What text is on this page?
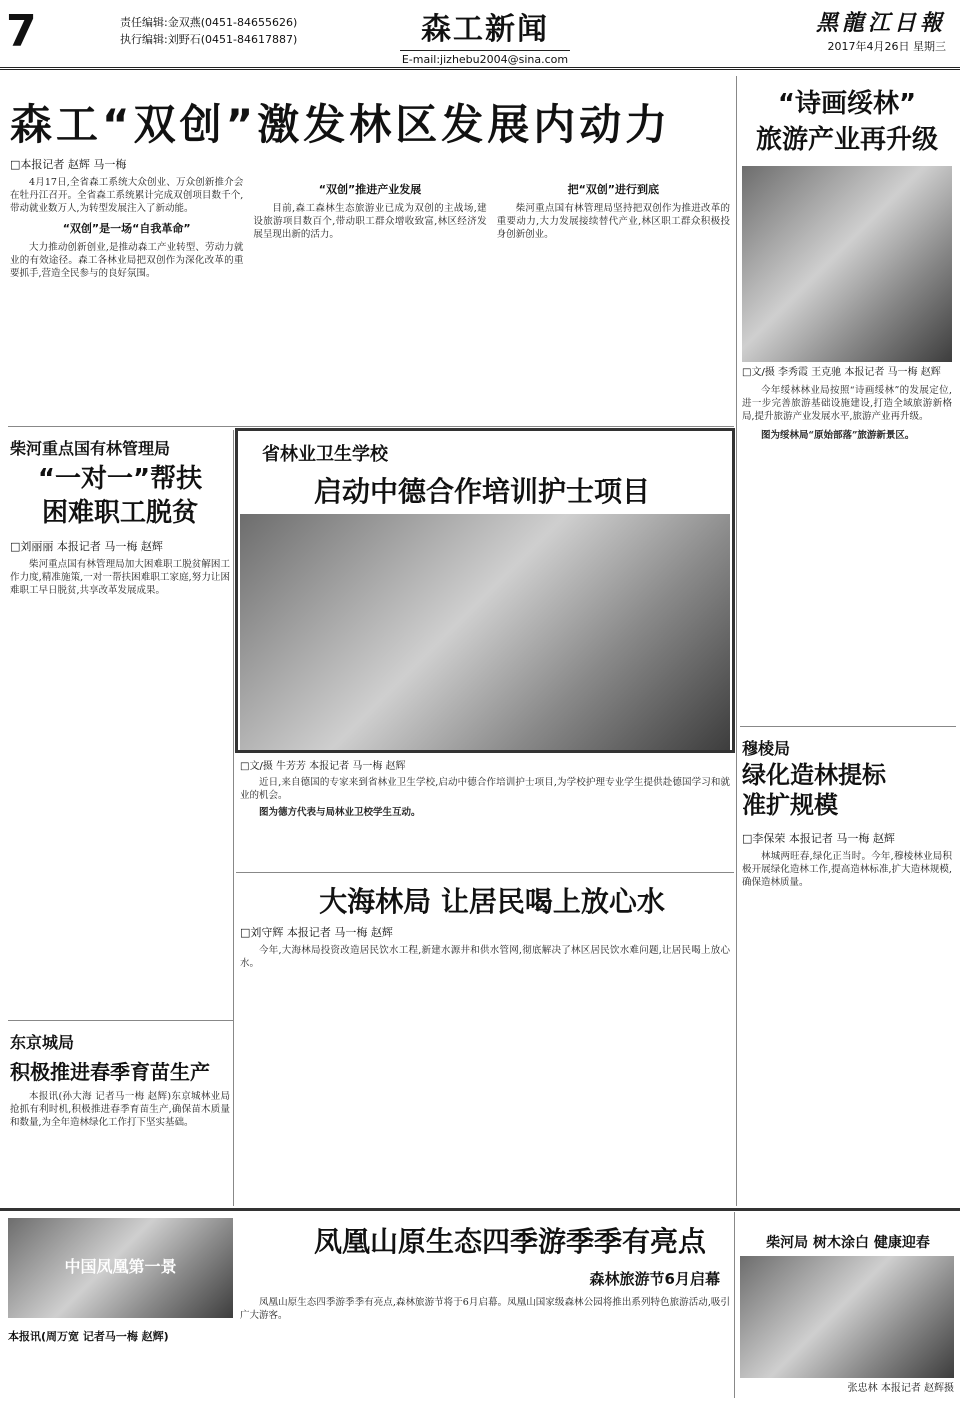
7	责任编辑:金双燕(0451-84655626)
执行编辑:刘野石(0451-84617887)	森工新闻
E-mail:jizhebu2004@sina.com
黑龍江日報
2017年4月26日 星期三
森工“双创”激发林区发展内动力
□本报记者 赵辉 马一梅

4月17日,全省森工系统大众创业、万众创新推介会在牡丹江召开。全省森工系统累计完成双创项目数千个,带动就业数万人,为转型发展注入了新动能。

“双创”是一场“自我革命”

大力推动创新创业,是推动森工产业转型、劳动力就业的有效途径。森工各林业局把双创作为深化改革的重要抓手,营造全民参与的良好氛围。

“双创”推进产业发展

目前,森工森林生态旅游业已成为双创的主战场,建设旅游项目数百个,带动职工群众增收致富,林区经济发展呈现出新的活力。

把“双创”进行到底

柴河重点国有林管理局坚持把双创作为推进改革的重要动力,大力发展接续替代产业,林区职工群众积极投身创新创业。

“诗画绥林”
旅游产业再升级
□文/摄 李秀霞 王克驰 本报记者 马一梅 赵辉

今年绥林林业局按照“诗画绥林”的发展定位,进一步完善旅游基础设施建设,打造全域旅游新格局,提升旅游产业发展水平,旅游产业再升级。

图为绥林局“原始部落”旅游新景区。

柴河重点国有林管理局
“一对一”帮扶
困难职工脱贫
□刘丽丽 本报记者 马一梅 赵辉

柴河重点国有林管理局加大困难职工脱贫解困工作力度,精准施策,一对一帮扶困难职工家庭,努力让困难职工早日脱贫,共享改革发展成果。

东京城局
积极推进春季育苗生产

本报讯(孙大海 记者马一梅 赵辉)东京城林业局抢抓有利时机,积极推进春季育苗生产,确保苗木质量和数量,为全年造林绿化工作打下坚实基础。

省林业卫生学校
启动中德合作培训护士项目
□文/摄 牛芳芳 本报记者 马一梅 赵辉

近日,来自德国的专家来到省林业卫生学校,启动中德合作培训护士项目,为学校护理专业学生提供赴德国学习和就业的机会。

图为德方代表与局林业卫校学生互动。

大海林局 让居民喝上放心水
□刘守辉 本报记者 马一梅 赵辉

今年,大海林局投资改造居民饮水工程,新建水源井和供水管网,彻底解决了林区居民饮水难问题,让居民喝上放心水。

穆棱局
绿化造林提标
准扩规模
□李保荣 本报记者 马一梅 赵辉

林城两旺春,绿化正当时。今年,穆棱林业局积极开展绿化造林工作,提高造林标准,扩大造林规模,确保造林质量。

中国凤凰第一景
凤凰山原生态四季游季季有亮点
森林旅游节6月启幕
本报讯(周万宽 记者马一梅 赵辉)

凤凰山原生态四季游季季有亮点,森林旅游节将于6月启幕。凤凰山国家级森林公园将推出系列特色旅游活动,吸引广大游客。

柴河局 树木涂白 健康迎春
张忠林 本报记者 赵辉摄
